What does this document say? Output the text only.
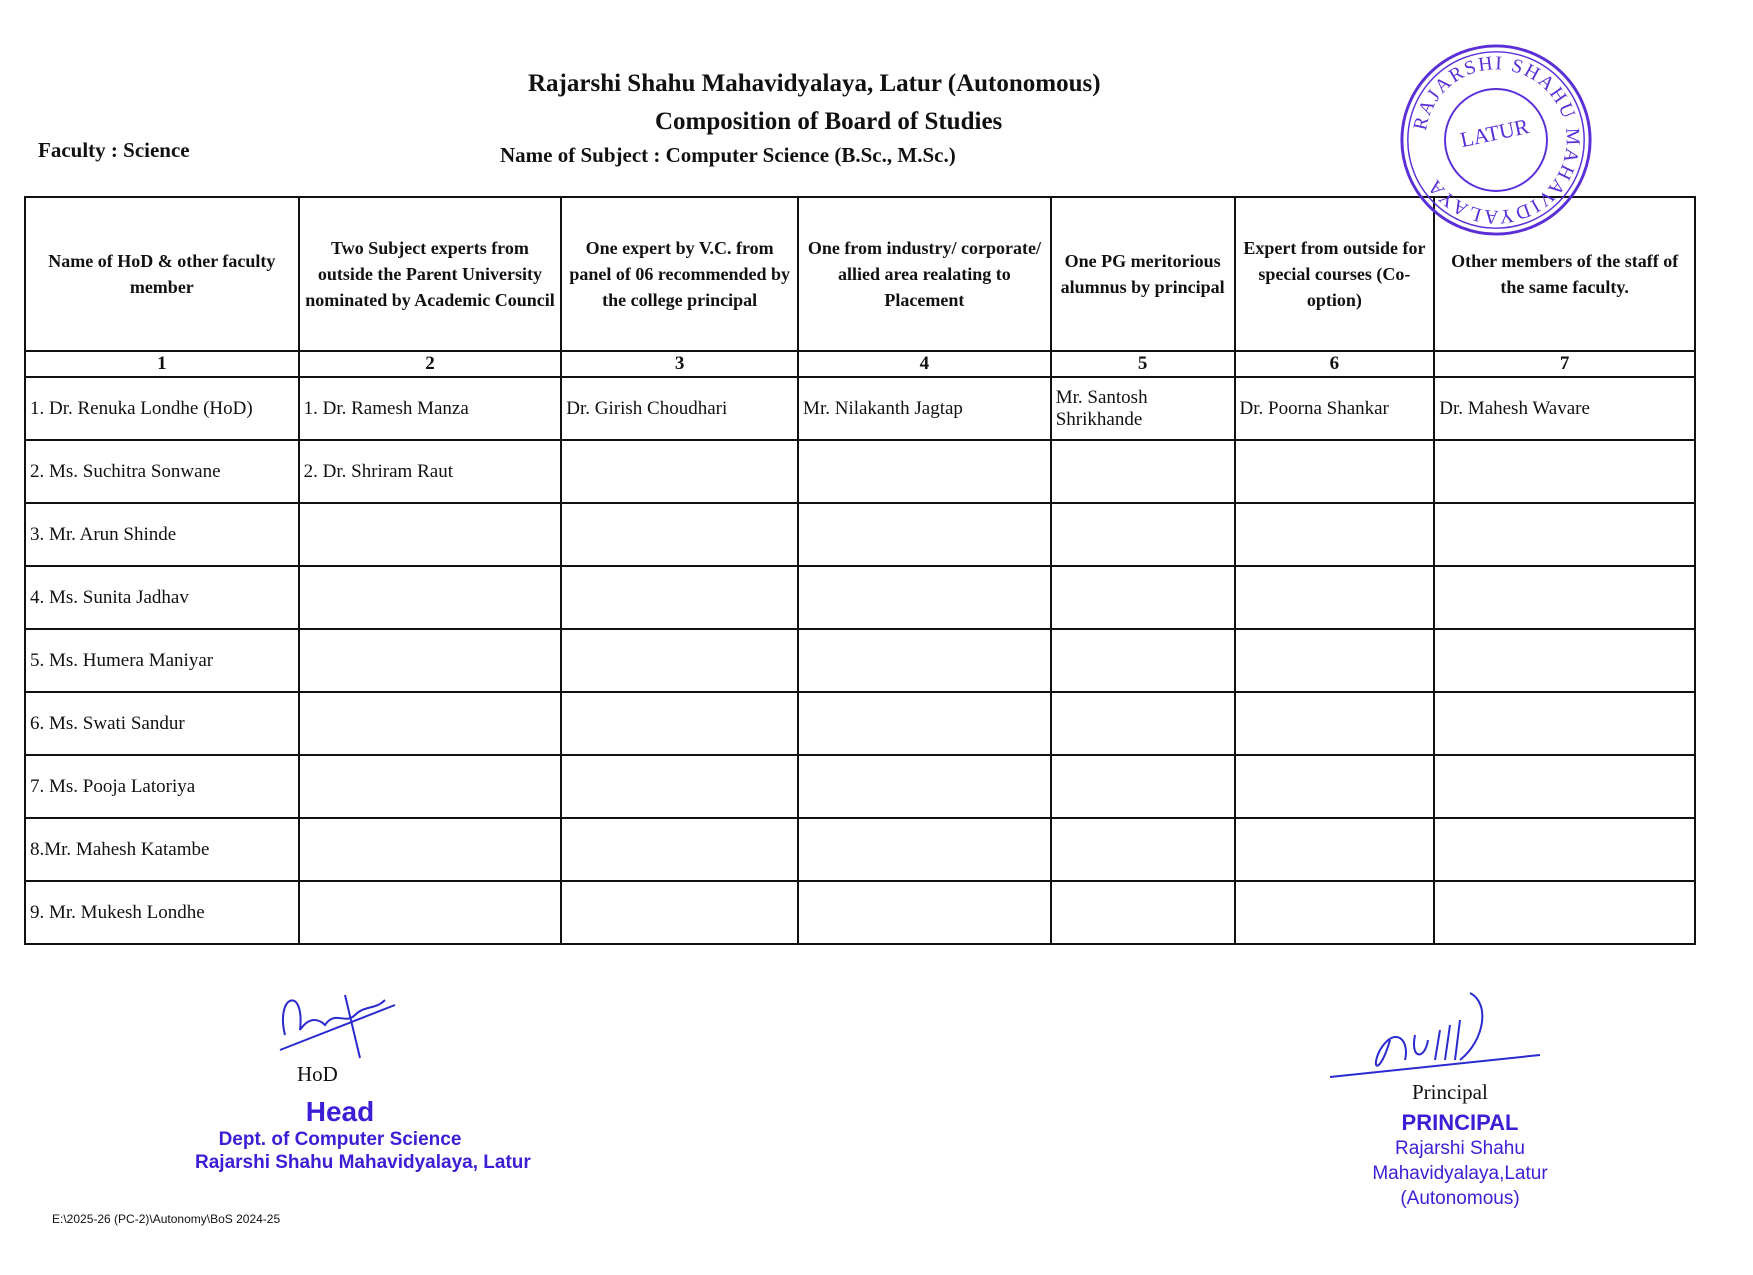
Rajarshi Shahu Mahavidyalaya, Latur (Autonomous)
Composition of Board of Studies
Name of Subject : Computer Science (B.Sc., M.Sc.)
Faculty : Science
Name of HoD & other faculty member	Two Subject experts from outside the Parent University nominated by Academic Council	One expert by V.C. from panel of 06 recommended by the college principal	One from industry/ corporate/ allied area realating to Placement	One PG meritorious alumnus by principal	Expert from outside for special courses (Co-option)	Other members of the staff of the same faculty.
1	2	3	4	5	6	7
1. Dr. Renuka Londhe (HoD)	1. Dr. Ramesh Manza	Dr. Girish Choudhari	Mr. Nilakanth Jagtap	Mr. Santosh Shrikhande	Dr. Poorna Shankar	Dr. Mahesh Wavare
2. Ms. Suchitra Sonwane	2. Dr. Shriram Raut					
3. Mr. Arun Shinde						
4. Ms. Sunita Jadhav						
5. Ms. Humera Maniyar						
6. Ms. Swati Sandur						
7. Ms. Pooja Latoriya						
8.Mr. Mahesh Katambe						
9. Mr. Mukesh Londhe						
RAJARSHI SHAHU MAHAVIDYALAYA
LATUR
HoD
Head
Dept. of Computer Science
Rajarshi Shahu Mahavidyalaya, Latur
E:\2025-26 (PC-2)\Autonomy\BoS 2024-25
Principal
PRINCIPAL
Rajarshi Shahu Mahavidyalaya,Latur
(Autonomous)
